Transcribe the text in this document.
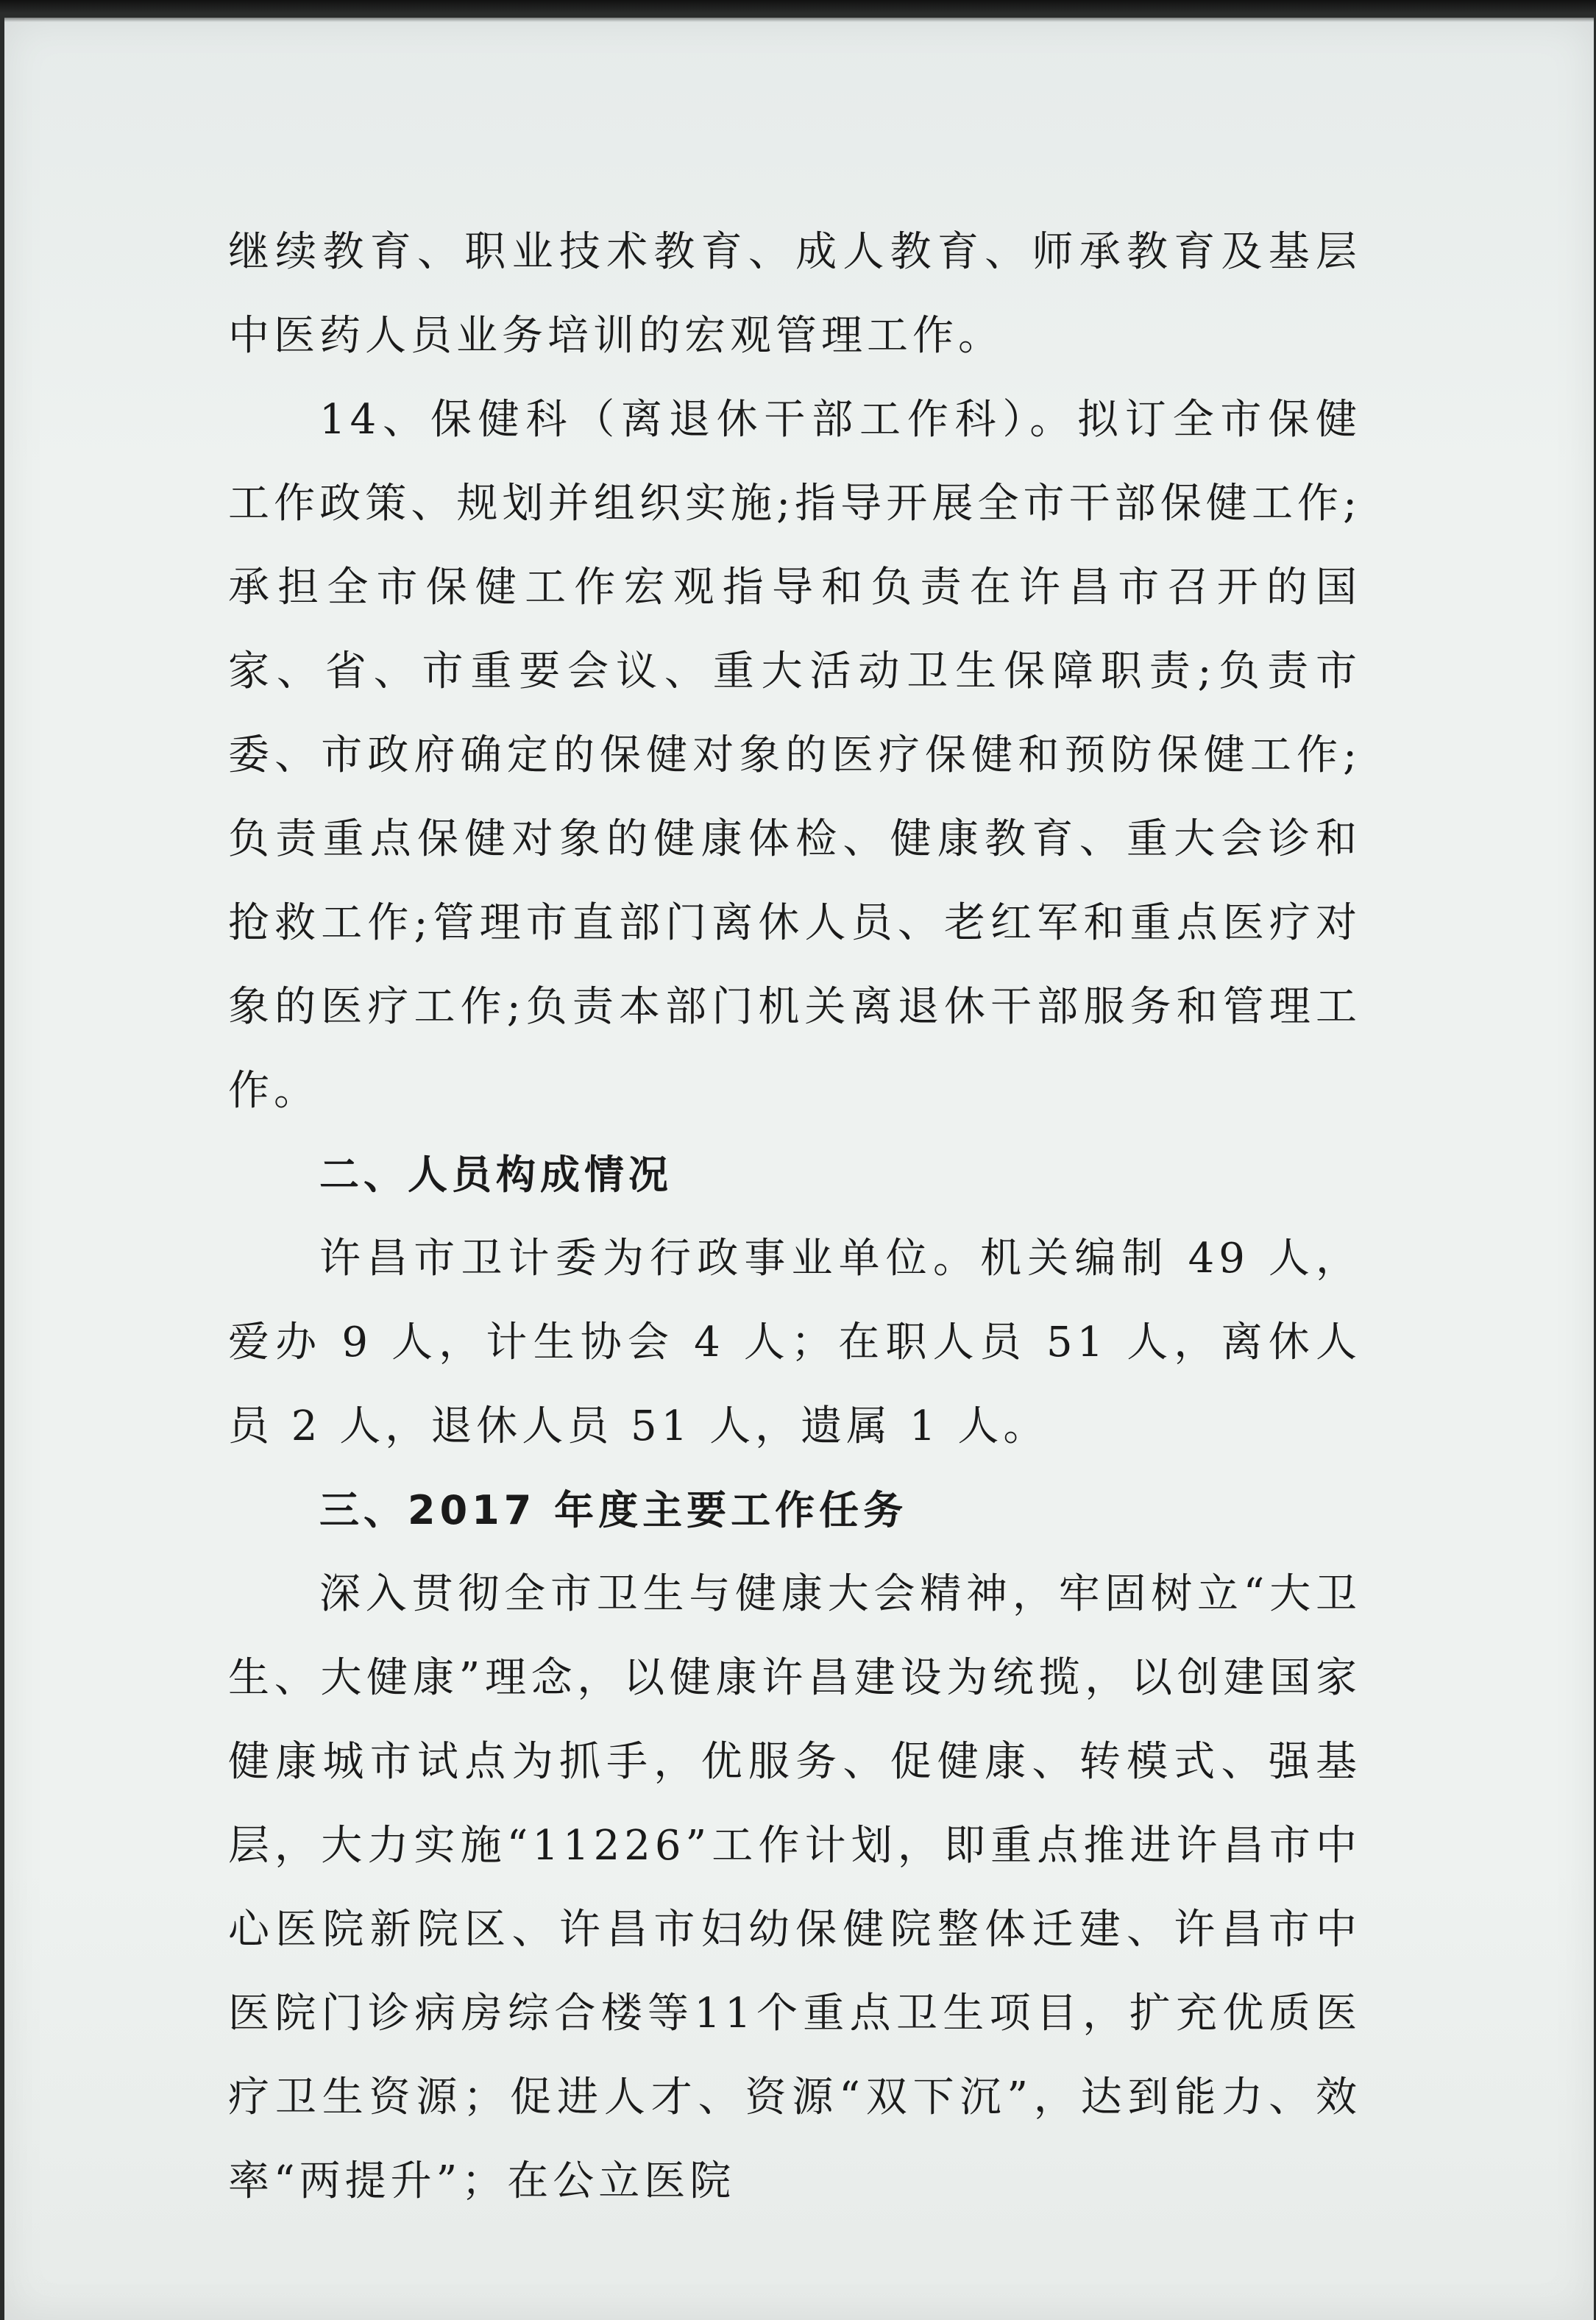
继续教育、职业技术教育、成人教育、师承教育及基层中医药人员业务培训的宏观管理工作。

14、保健科（离退休干部工作科）。拟订全市保健工作政策、规划并组织实施;指导开展全市干部保健工作;承担全市保健工作宏观指导和负责在许昌市召开的国家、省、市重要会议、重大活动卫生保障职责;负责市委、市政府确定的保健对象的医疗保健和预防保健工作;负责重点保健对象的健康体检、健康教育、重大会诊和抢救工作;管理市直部门离休人员、老红军和重点医疗对象的医疗工作;负责本部门机关离退休干部服务和管理工作。

二、人员构成情况

许昌市卫计委为行政事业单位。机关编制 49 人，爱办 9 人，计生协会 4 人；在职人员 51 人，离休人员 2 人，退休人员 51 人，遗属 1 人。

三、2017 年度主要工作任务

深入贯彻全市卫生与健康大会精神，牢固树立“大卫生、大健康”理念，以健康许昌建设为统揽，以创建国家健康城市试点为抓手，优服务、促健康、转模式、强基层，大力实施“11226”工作计划，即重点推进许昌市中心医院新院区、许昌市妇幼保健院整体迁建、许昌市中医院门诊病房综合楼等11个重点卫生项目，扩充优质医疗卫生资源；促进人才、资源“双下沉”，达到能力、效率“两提升”；在公立医院
